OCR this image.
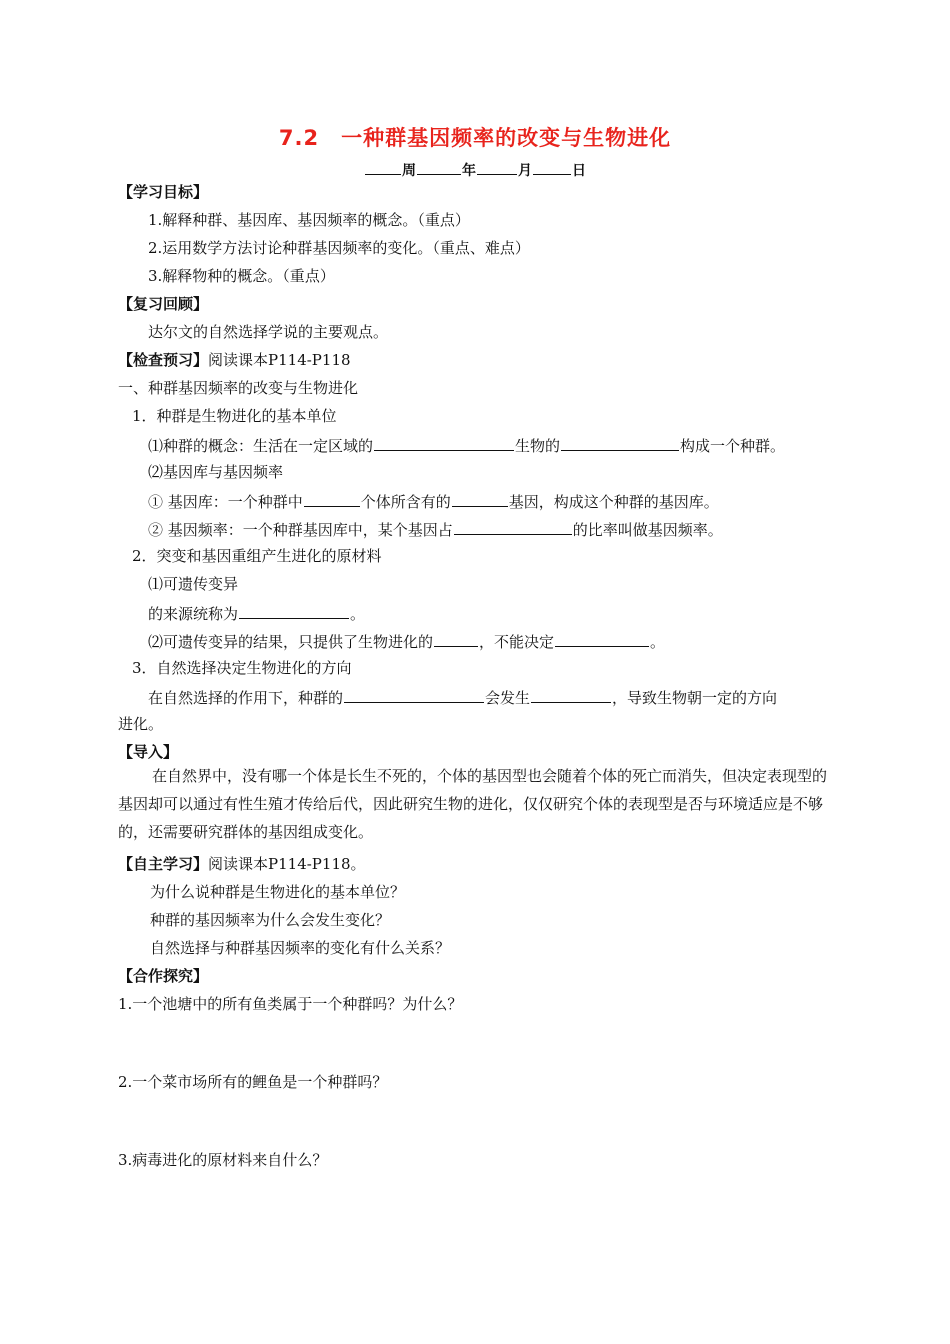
7.2　一种群基因频率的改变与生物进化
周	年	月	日
【学习目标】
1.解释种群、基因库、基因频率的概念。（重点）
2.运用数学方法讨论种群基因频率的变化。（重点、难点）
3.解释物种的概念。（重点）
【复习回顾】
达尔文的自然选择学说的主要观点。
【检查预习】阅读课本P114-P118
一、种群基因频率的改变与生物进化
1．种群是生物进化的基本单位
⑴种群的概念：生活在一定区域的	生物的	构成一个种群。
⑵基因库与基因频率
① 基因库：一个种群中	个体所含有的	基因，构成这个种群的基因库。
② 基因频率：一个种群基因库中，某个基因占	的比率叫做基因频率。
2．突变和基因重组产生进化的原材料
⑴可遗传变异
的来源统称为	。
⑵可遗传变异的结果，只提供了生物进化的	，不能决定	。
3．自然选择决定生物进化的方向
在自然选择的作用下，种群的	会发生	，导致生物朝一定的方向
进化。
【导入】
在自然界中，没有哪一个体是长生不死的，个体的基因型也会随着个体的死亡而消失，但决定表现型的基因却可以通过有性生殖才传给后代，因此研究生物的进化，仅仅研究个体的表现型是否与环境适应是不够的，还需要研究群体的基因组成变化。
【自主学习】阅读课本P114-P118。
为什么说种群是生物进化的基本单位？
种群的基因频率为什么会发生变化？
自然选择与种群基因频率的变化有什么关系？
【合作探究】
1.一个池塘中的所有鱼类属于一个种群吗？为什么？
2.一个菜市场所有的鲤鱼是一个种群吗？
3.病毒进化的原材料来自什么？
